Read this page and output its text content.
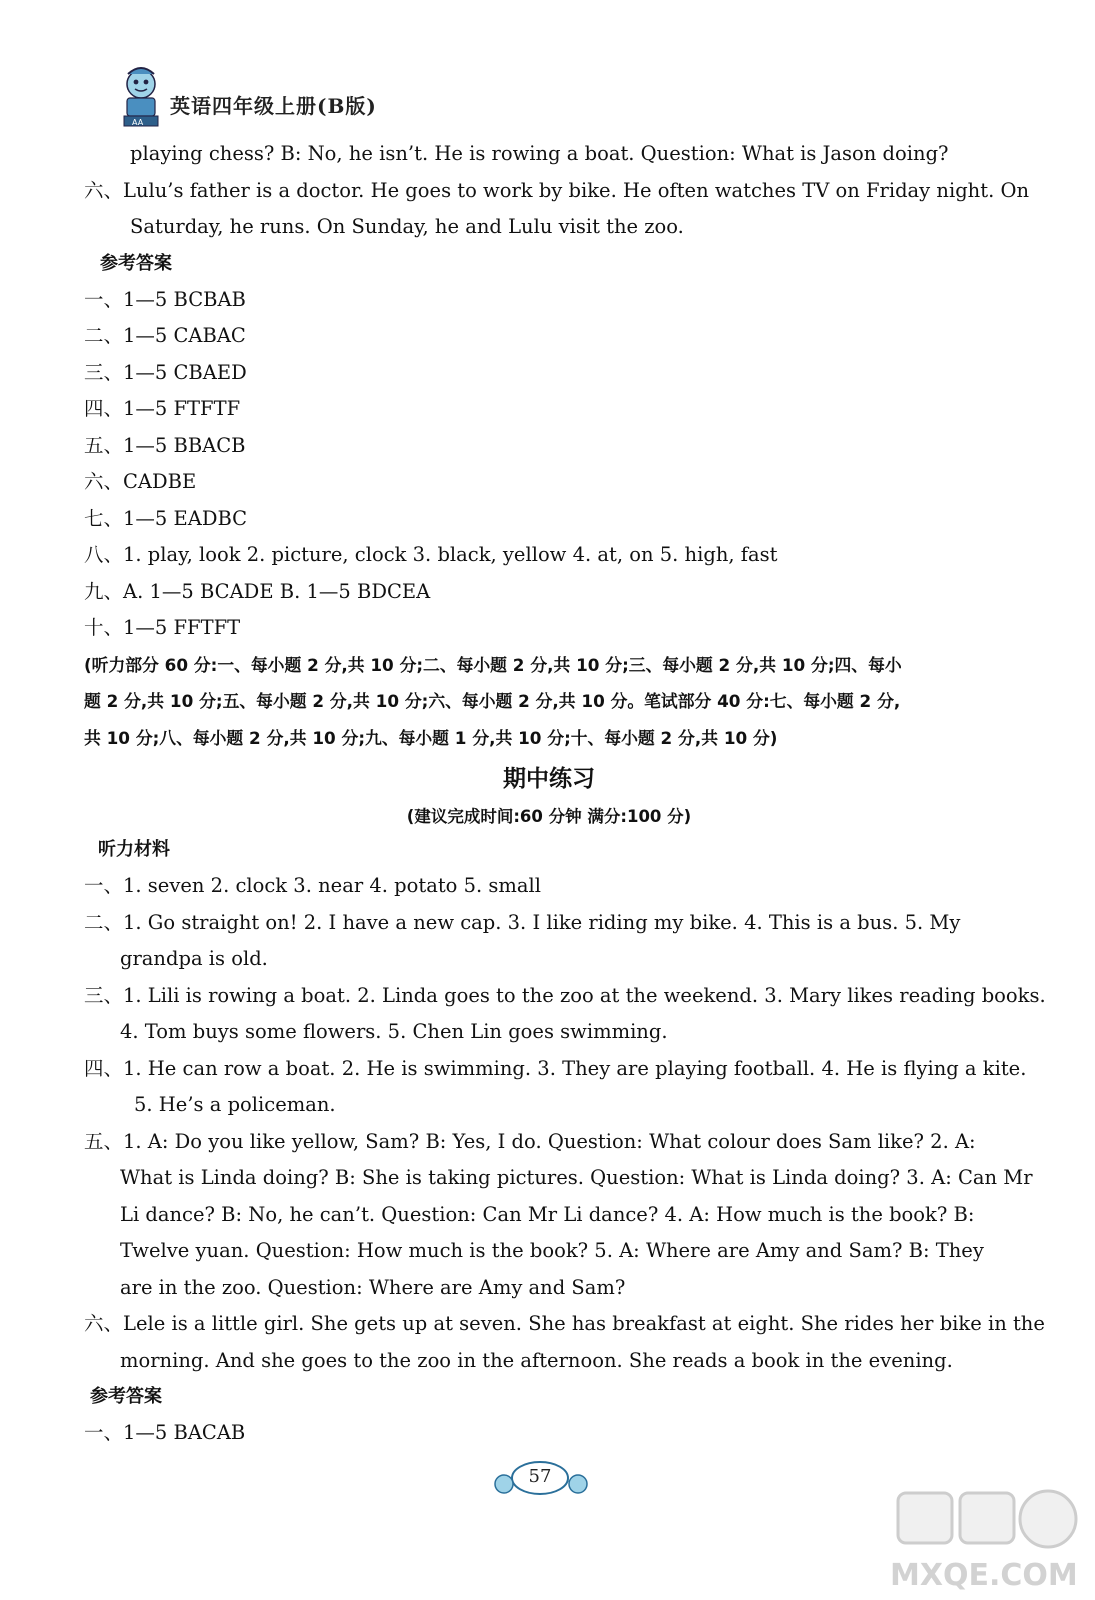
AA
英语四年级上册(B版)
playing chess? B: No, he isn’t. He is rowing a boat. Question: What is Jason doing?
六、Lulu’s father is a doctor. He goes to work by bike. He often watches TV on Friday night. On
Saturday, he runs. On Sunday, he and Lulu visit the zoo.
参考答案
一、1—5 BCBAB
二、1—5 CABAC
三、1—5 CBAED
四、1—5 FTFTF
五、1—5 BBACB
六、CADBE
七、1—5 EADBC
八、1. play, look 2. picture, clock 3. black, yellow 4. at, on 5. high, fast
九、A. 1—5 BCADE B. 1—5 BDCEA
十、1—5 FFTFT
(听力部分 60 分:一、每小题 2 分,共 10 分;二、每小题 2 分,共 10 分;三、每小题 2 分,共 10 分;四、每小
题 2 分,共 10 分;五、每小题 2 分,共 10 分;六、每小题 2 分,共 10 分。笔试部分 40 分:七、每小题 2 分,
共 10 分;八、每小题 2 分,共 10 分;九、每小题 1 分,共 10 分;十、每小题 2 分,共 10 分)
期中练习
(建议完成时间:60 分钟 满分:100 分)
听力材料
一、1. seven 2. clock 3. near 4. potato 5. small
二、1. Go straight on! 2. I have a new cap. 3. I like riding my bike. 4. This is a bus. 5. My
grandpa is old.
三、1. Lili is rowing a boat. 2. Linda goes to the zoo at the weekend. 3. Mary likes reading books.
4. Tom buys some flowers. 5. Chen Lin goes swimming.
四、1. He can row a boat. 2. He is swimming. 3. They are playing football. 4. He is flying a kite.
5. He’s a policeman.
五、1. A: Do you like yellow, Sam? B: Yes, I do. Question: What colour does Sam like? 2. A:
What is Linda doing? B: She is taking pictures. Question: What is Linda doing? 3. A: Can Mr
Li dance? B: No, he can’t. Question: Can Mr Li dance? 4. A: How much is the book? B:
Twelve yuan. Question: How much is the book? 5. A: Where are Amy and Sam? B: They
are in the zoo. Question: Where are Amy and Sam?
六、Lele is a little girl. She gets up at seven. She has breakfast at eight. She rides her bike in the
morning. And she goes to the zoo in the afternoon. She reads a book in the evening.
参考答案
一、1—5 BACAB
57
MXQE.COM
